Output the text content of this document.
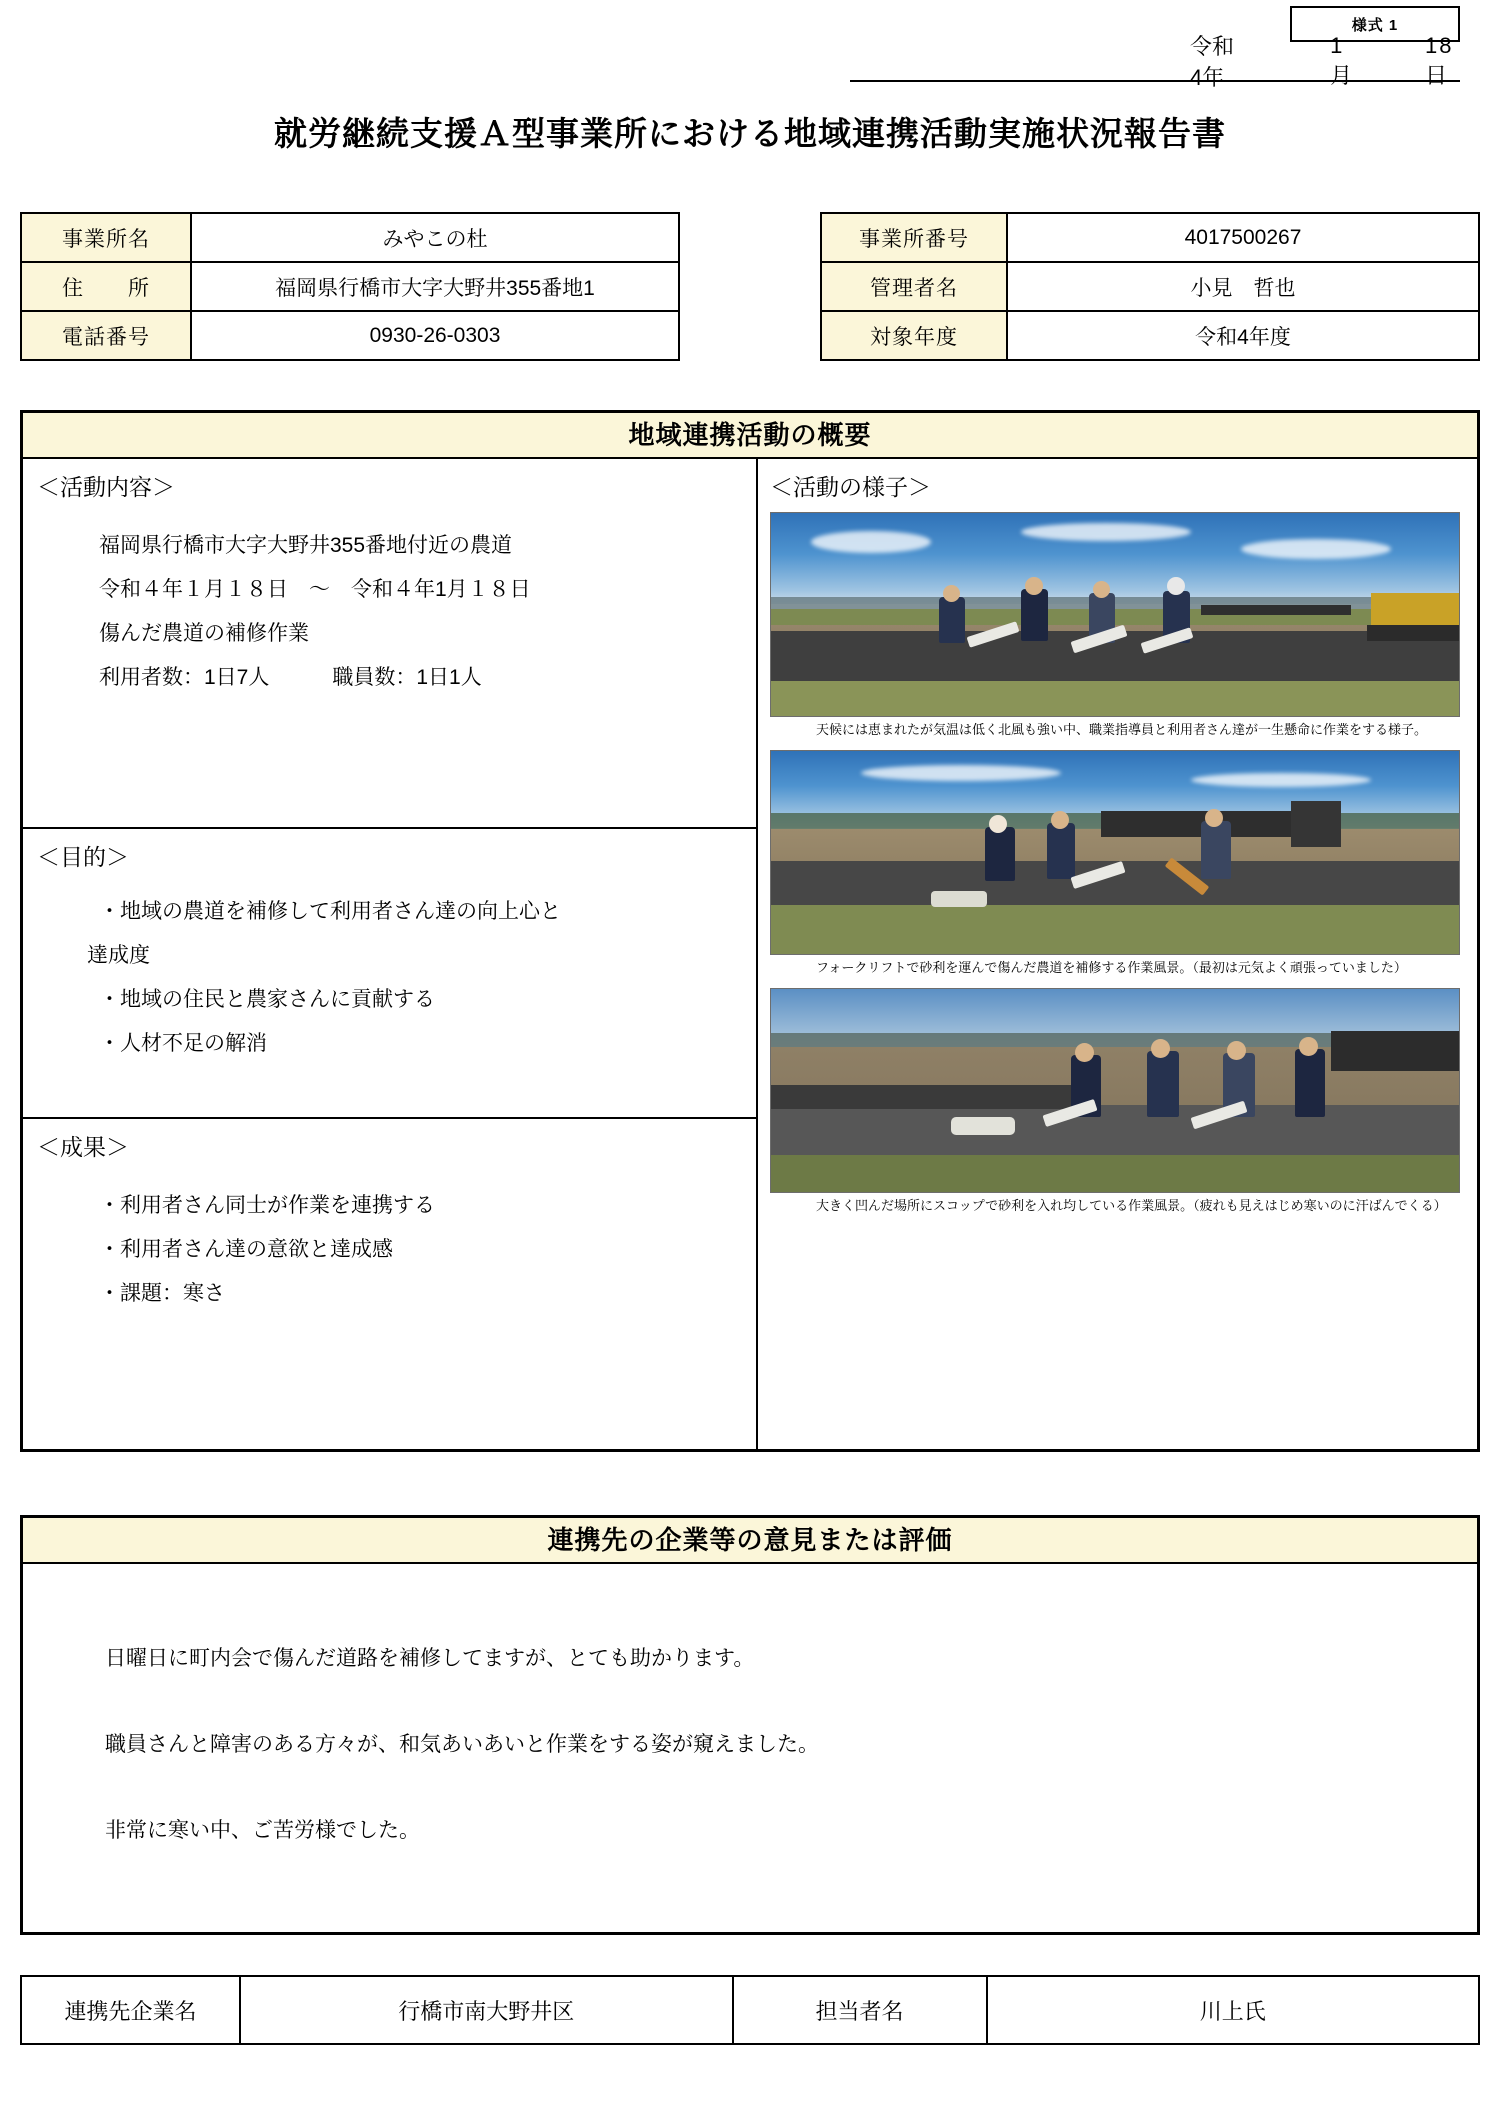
様式 1
令和4年
1月
18日
就労継続支援Ａ型事業所における地域連携活動実施状況報告書
事業所名	みやこの杜
住　　所	福岡県行橋市大字大野井355番地1
電話番号	0930-26-0303
事業所番号	4017500267
管理者名	小見　哲也
対象年度	令和4年度
地域連携活動の概要
＜活動内容＞
福岡県行橋市大字大野井355番地付近の農道
令和４年１月１８日　～　令和４年1月１８日
傷んだ農道の補修作業
利用者数：1日7人　　　職員数：1日1人
＜目的＞
・地域の農道を補修して利用者さん達の向上心と
達成度
・地域の住民と農家さんに貢献する
・人材不足の解消
＜成果＞
・利用者さん同士が作業を連携する
・利用者さん達の意欲と達成感
・課題：寒さ
＜活動の様子＞
天候には恵まれたが気温は低く北風も強い中、職業指導員と利用者さん達が一生懸命に作業をする様子。
フォークリフトで砂利を運んで傷んだ農道を補修する作業風景。（最初は元気よく頑張っていました）
大きく凹んだ場所にスコップで砂利を入れ均している作業風景。（疲れも見えはじめ寒いのに汗ばんでくる）
連携先の企業等の意見または評価
日曜日に町内会で傷んだ道路を補修してますが、とても助かります。
職員さんと障害のある方々が、和気あいあいと作業をする姿が窺えました。
非常に寒い中、ご苦労様でした。
連携先企業名	行橋市南大野井区	担当者名	川上氏
